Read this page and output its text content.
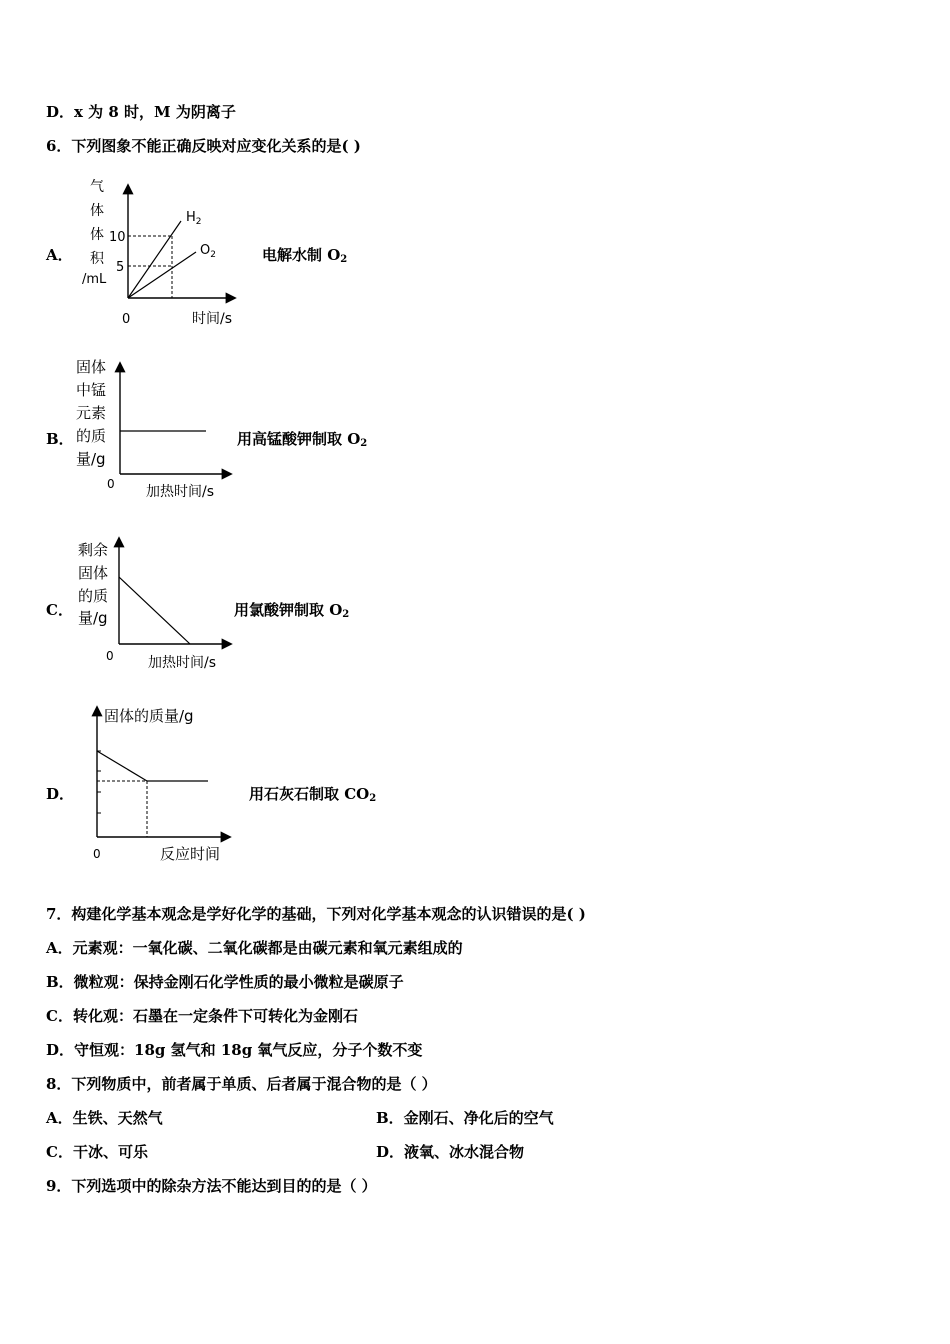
D．x 为 8 时，M 为阴离子
6．下列图象不能正确反映对应变化关系的是( )
A．
气
体
体
积
/mL
10
5
$H_2$
$O_2$
0	时间/s
电解水制 $O_2$
B．
固体
中锰
元素
的质
量/g
0 加热时间/s
用高锰酸钾制取 $O_2$
C．
剩余
固体
的质
量/g
0 加热时间/s
用氯酸钾制取 $O_2$
D．
固体的质量/g
0	反应时间
用石灰石制取 $CO_2$
7．构建化学基本观念是学好化学的基础，下列对化学基本观念的认识错误的是( )
A．元素观：一氧化碳、二氧化碳都是由碳元素和氧元素组成的
B．微粒观：保持金刚石化学性质的最小微粒是碳原子
C．转化观：石墨在一定条件下可转化为金刚石
D．守恒观：18g 氢气和 18g 氧气反应，分子个数不变
8．下列物质中，前者属于单质、后者属于混合物的是（ ）
A．生铁、天然气	B．金刚石、净化后的空气
C．干冰、可乐	D．液氧、冰水混合物
9．下列选项中的除杂方法不能达到目的的是（ ）
